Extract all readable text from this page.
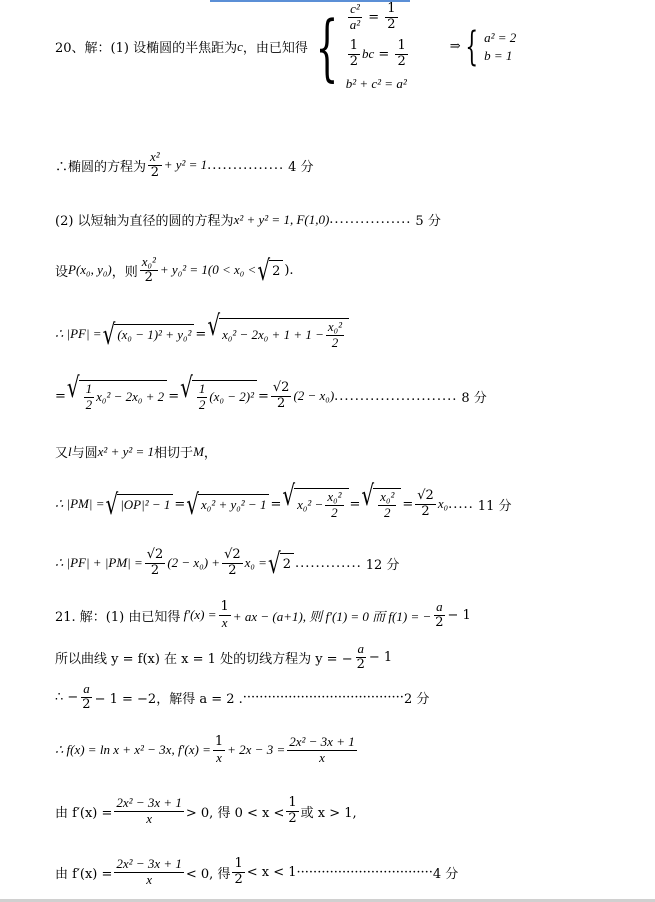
20、解：(1) 设椭圆的半焦距为 c ，由已知得 { $\frac{\text{c²}}{\text{a²}} = \frac{1}{2}$
$\frac{1}{2}$ bc = $\frac{1}{2}$
b² + c² = a²
⇒ { a² = 2
b = 1
∴椭圆的方程为 $\frac{\text{x²}}{2} + y^2 = 1$ ............... 4 分
(2) 以短轴为直径的圆的方程为 x² + y² = 1, F(1,0) ................ 5 分
设 P(x₀, y₀) ，则 $\frac{\text{x₀²}}{2} + y_0^2 = 1(0 < x_0$ < √ 2 ).
∴ |PF| = √ (x₀ − 1)² + y₀² = √ $x_0^2 - 2x_0 + 1 + 1 - \frac{\text{x₀²}}{2}$
= √ $\frac{1}{2} x_0^2 - 2x_0 + 2$ = √ $\frac{1}{2} (x_0 - 2)^2 = \frac{√2}{2} (2 - x_0)$ ........................ 8 分
又 l 与圆 x² + y² = 1 相切于 M ，
∴ |PM| = √ |OP|² − 1 = √ x₀² + y₀² − 1 = √ $x_0^2 - \frac{\text{x₀²}}{2}$ = √ $\frac{\text{x₀²}}{2} = \frac{√2}{2} x_0$ ..... 11 分
∴ $|PF| + |PM| = \frac{√2}{2} (2 - x_0) + \frac{√2}{2} x_0$ = √ 2 ............. 12 分
21. 解：(1) 由已知得 $f'(x) = \frac{1}{x}$ + ax − (a+1), 则 f′(1) = 0 而 f(1) = − $\frac{a}{2} - 1$
所以曲线 y = f(x) 在 x = 1 处的切线方程为 y = − $\frac{a}{2} - 1$
∴ − $\frac{a}{2} - 1 = -2$，解得 a = 2 . ······································· 2 分
∴ f(x) = ln x + x² − 3x, $f'(x) = \frac{1}{x} + 2x - 3 = \frac{\text{2x² − 3x + 1}}{x}$
由 $f'(x) = \frac{\text{2x² − 3x + 1}}{x} > 0$, 得 $0 < x < \frac{1}{2}$ 或 x > 1,
由 $f'(x) = \frac{\text{2x² − 3x + 1}}{x} < 0$, 得 $\frac{1}{2} < x < 1$ ································· 4 分
